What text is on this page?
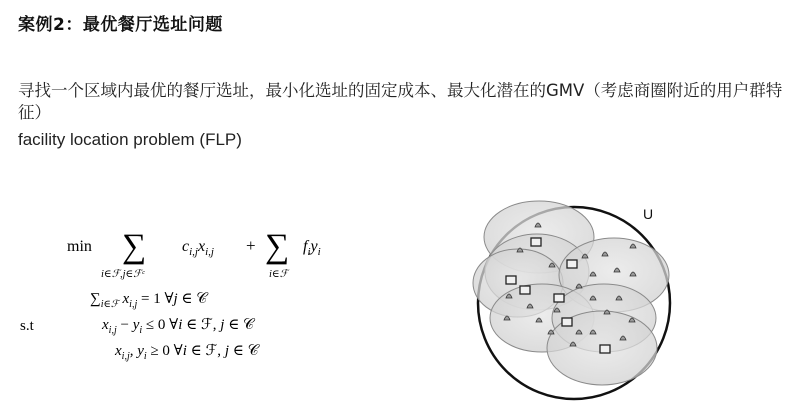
案例2：最优餐厅选址问题
寻找一个区域内最优的餐厅选址，最小化选址的固定成本、最大化潜在的GMV（考虑商圈附近的用户群特征）
facility location problem (FLP)
min ∑
i∈ℱ,j∈ℱᶜ
$c_{i,j}x_{i,j}$ + ∑
i∈ℱ
$f_iy_i$
$\sum_{i\in ℱ}$ $x_{i,j} = 1$ ∀j ∈ 𝒞
s.t	$x_{i,j} - y_i \le 0$ ∀i ∈ ℱ, j ∈ 𝒞
$x_{i,j}$, $y_i \ge 0$ ∀i ∈ ℱ, j ∈ 𝒞
U
